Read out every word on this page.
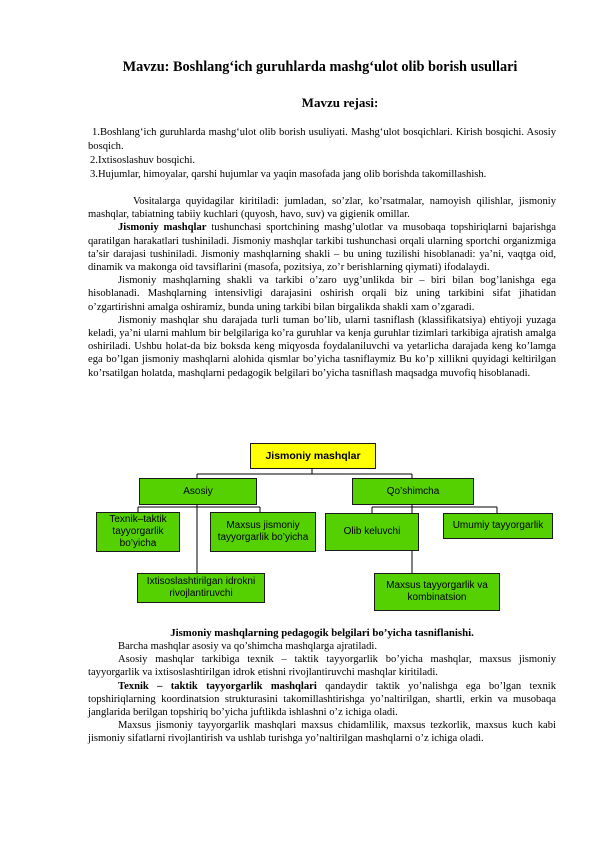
Mavzu: Boshlang‘ich guruhlarda mashg‘ulot olib borish usullari
Mavzu rejasi:

1.Boshlang‘ich guruhlarda mashg‘ulot olib borish usuliyati. Mashg‘ulot bosqichlari. Kirish bosqichi. Asosiy bosqich.

2.Ixtisoslashuv bosqichi.

3.Hujumlar, himoyalar, qarshi hujumlar va yaqin masofada jang olib borishda takomillashish.

Vositalarga quyidagilar kiritiladi: jumladan, so’zlar, ko’rsatmalar, namoyish qilishlar, jismoniy mashqlar, tabiatning tabiiy kuchlari (quyosh, havo, suv) va gigienik omillar.

Jismoniy mashqlar tushunchasi sportchining mashg’ulotlar va musobaqa topshiriqlarni bajarishga qaratilgan harakatlari tushiniladi. Jismoniy mashqlar tarkibi tushunchasi orqali ularning sportchi organizmiga ta’sir darajasi tushiniladi. Jismoniy mashqlarning shakli – bu uning tuzilishi hisoblanadi: ya’ni, vaqtga oid, dinamik va makonga oid tavsiflarini (masofa, pozitsiya, zo’r berishlarning qiymati) ifodalaydi.

Jismoniy mashqlarning shakli va tarkibi o’zaro uyg’unlikda bir – biri bilan bog’lanishga ega hisoblanadi. Mashqlarning intensivligi darajasini oshirish orqali biz uning tarkibini sifat jihatidan o’zgartirishni amalga oshiramiz, bunda uning tarkibi bilan birgalikda shakli xam o’zgaradi.

Jismoniy mashqlar shu darajada turli tuman bo’lib, ularni tasniflash (klassifikatsiya) ehtiyoji yuzaga keladi, ya’ni ularni mahlum bir belgilariga ko’ra guruhlar va kenja guruhlar tizimlari tarkibiga ajratish amalga oshiriladi. Ushbu holat-da biz boksda keng miqyosda foydalaniluvchi va yetarlicha darajada keng ko’lamga ega bo’lgan jismoniy mashqlarni alohida qismlar bo’yicha tasniflaymiz Bu ko’p xillikni quyidagi keltirilgan ko’rsatilgan holatda, mashqlarni pedagogik belgilari bo’yicha tasniflash maqsadga muvofiq hisoblanadi.

Jismoniy mashqlar
Asosiy	Qo’shimcha
Texnik–taktik tayyorgarlik bo’yicha
Maxsus jismoniy tayyorgarlik bo’yicha
Olib keluvchi
Umumiy tayyorgarlik
Ixtisoslashtirilgan idrokni rivojlantiruvchi
Maxsus tayyorgarlik va kombinatsion
Jismoniy mashqlarning pedagogik belgilari bo’yicha tasniflanishi.

Barcha mashqlar asosiy va qo’shimcha mashqlarga ajratiladi.

Asosiy mashqlar tarkibiga texnik – taktik tayyorgarlik bo’yicha mashqlar, maxsus jismoniy tayyorgarlik va ixtisoslashtirilgan idrok etishni rivojlantiruvchi mashqlar kiritiladi.

Texnik – taktik tayyorgarlik mashqlari qandaydir taktik yo’nalishga ega bo’lgan texnik topshiriqlarning koordinatsion strukturasini takomillashtirishga yo’naltirilgan, shartli, erkin va musobaqa janglarida berilgan topshiriq bo’yicha juftlikda ishlashni o’z ichiga oladi.

Maxsus jismoniy tayyorgarlik mashqlari maxsus chidamlilik, maxsus tezkorlik, maxsus kuch kabi jismoniy sifatlarni rivojlantirish va ushlab turishga yo’naltirilgan mashqlarni o’z ichiga oladi.
